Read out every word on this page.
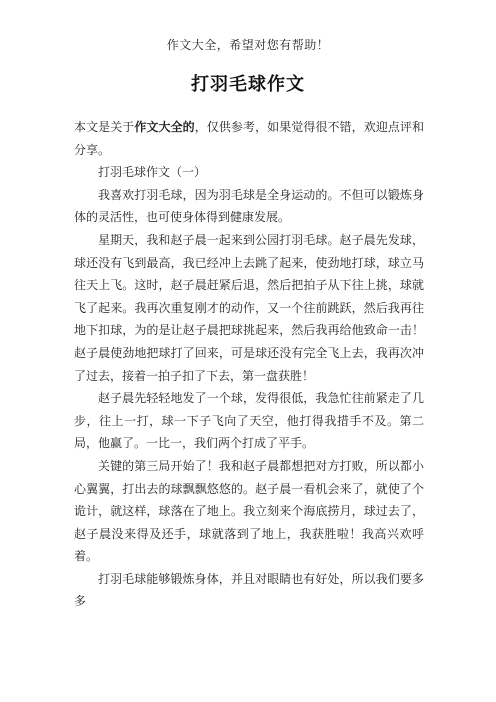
作文大全，希望对您有帮助！
打羽毛球作文

本文是关于作文大全的，仅供参考，如果觉得很不错，欢迎点评和分享。

打羽毛球作文（一）

我喜欢打羽毛球，因为羽毛球是全身运动的。不但可以锻炼身体的灵活性，也可使身体得到健康发展。

星期天，我和赵子晨一起来到公园打羽毛球。赵子晨先发球，球还没有飞到最高，我已经冲上去跳了起来，使劲地打球，球立马往天上飞。这时，赵子晨赶紧后退，然后把拍子从下往上挑，球就飞了起来。我再次重复刚才的动作，又一个往前跳跃，然后我再往地下扣球，为的是让赵子晨把球挑起来，然后我再给他致命一击！赵子晨使劲地把球打了回来，可是球还没有完全飞上去，我再次冲了过去，接着一拍子扣了下去，第一盘获胜！

赵子晨先轻轻地发了一个球，发得很低，我急忙往前紧走了几步，往上一打，球一下子飞向了天空，他打得我措手不及。第二局，他赢了。一比一，我们两个打成了平手。

关键的第三局开始了！我和赵子晨都想把对方打败，所以都小心翼翼，打出去的球飘飘悠悠的。赵子晨一看机会来了，就使了个诡计，就这样，球落在了地上。我立刻来个海底捞月，球过去了，赵子晨没来得及还手，球就落到了地上，我获胜啦！我高兴欢呼着。

打羽毛球能够锻炼身体，并且对眼睛也有好处，所以我们要多多
